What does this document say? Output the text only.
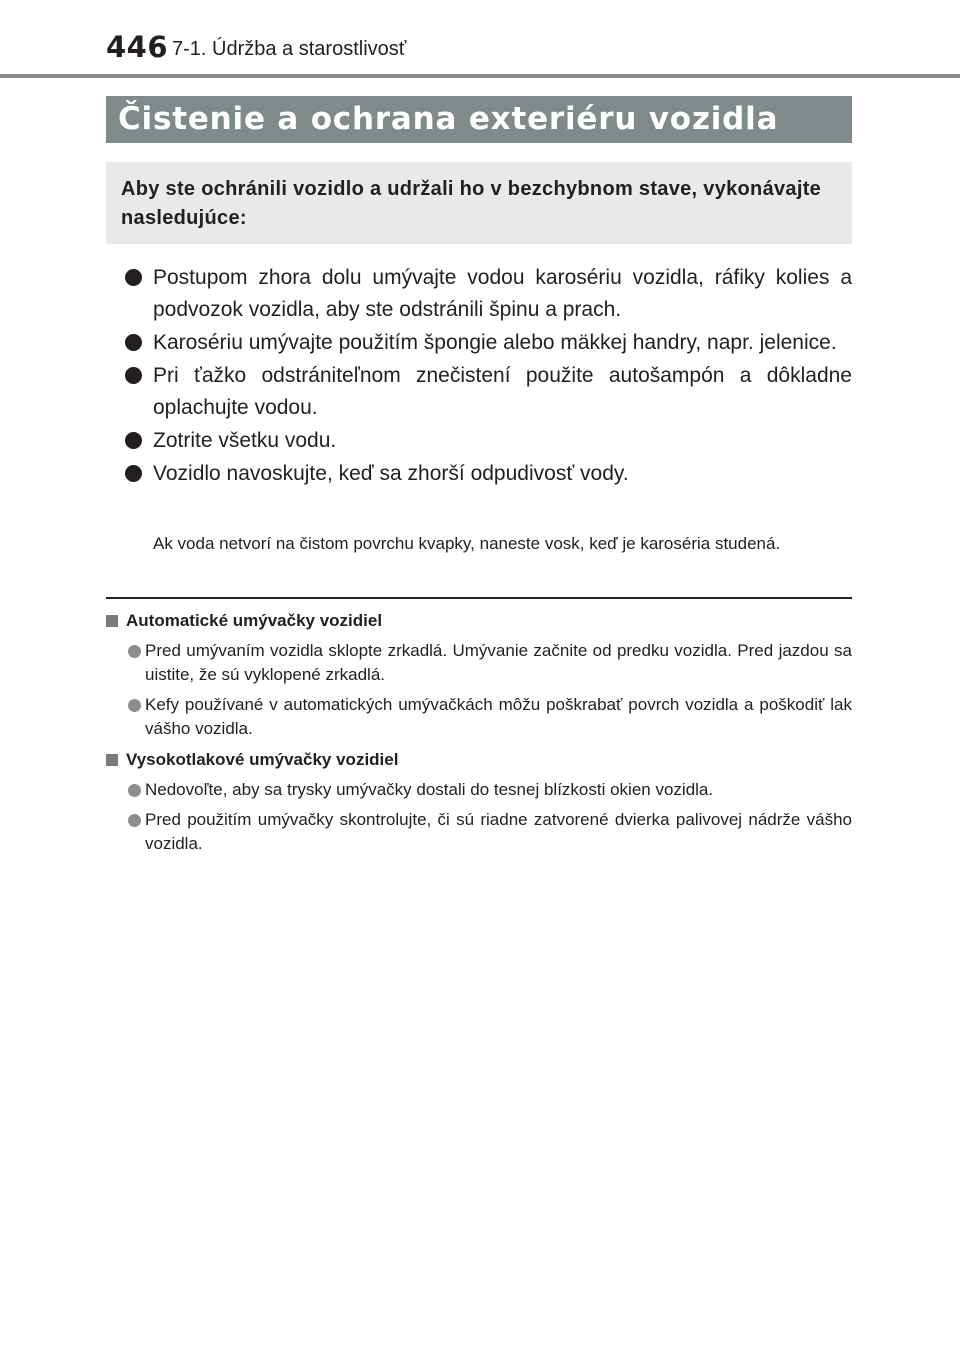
446 7-1. Údržba a starostlivosť
Čistenie a ochrana exteriéru vozidla

Aby ste ochránili vozidlo a udržali ho v bezchybnom stave, vykonávajte nasledujúce:

Postupom zhora dolu umývajte vodou karosériu vozidla, ráfiky kolies a podvozok vozidla, aby ste odstránili špinu a prach.
Karosériu umývajte použitím špongie alebo mäkkej handry, napr. jelenice.
Pri ťažko odstrániteľnom znečistení použite autošampón a dôkladne oplachujte vodou.
Zotrite všetku vodu.
Vozidlo navoskujte, keď sa zhorší odpudivosť vody.

Ak voda netvorí na čistom povrchu kvapky, naneste vosk, keď je karoséria studená.

Automatické umývačky vozidiel
Pred umývaním vozidla sklopte zrkadlá. Umývanie začnite od predku vozidla. Pred jazdou sa uistite, že sú vyklopené zrkadlá.
Kefy používané v automatických umývačkách môžu poškrabať povrch vozidla a poškodiť lak vášho vozidla.
Vysokotlakové umývačky vozidiel
Nedovoľte, aby sa trysky umývačky dostali do tesnej blízkosti okien vozidla.
Pred použitím umývačky skontrolujte, či sú riadne zatvorené dvierka palivovej nádrže vášho vozidla.
